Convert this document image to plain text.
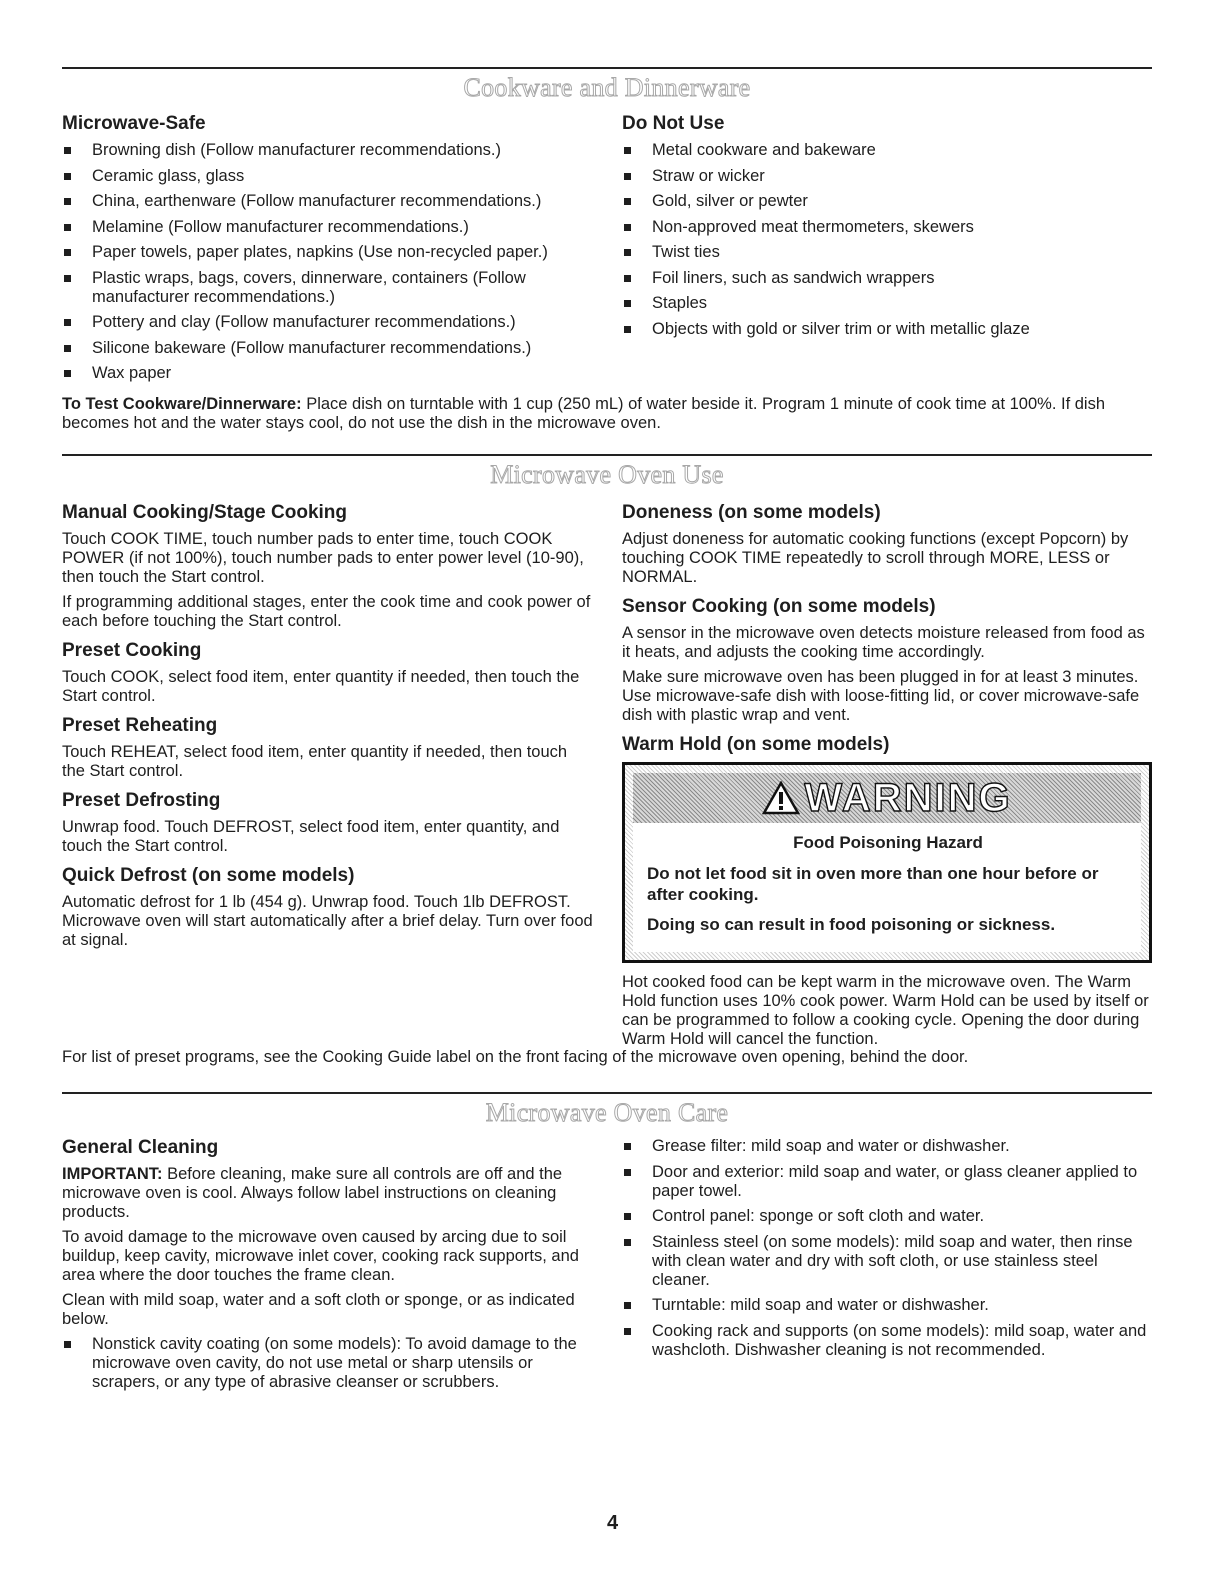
Cookware and Dinnerware
Microwave-Safe
Browning dish (Follow manufacturer recommendations.)
Ceramic glass, glass
China, earthenware (Follow manufacturer recommendations.)
Melamine (Follow manufacturer recommendations.)
Paper towels, paper plates, napkins (Use non-recycled paper.)
Plastic wraps, bags, covers, dinnerware, containers (Follow manufacturer recommendations.)
Pottery and clay (Follow manufacturer recommendations.)
Silicone bakeware (Follow manufacturer recommendations.)
Wax paper
Do Not Use
Metal cookware and bakeware
Straw or wicker
Gold, silver or pewter
Non-approved meat thermometers, skewers
Twist ties
Foil liners, such as sandwich wrappers
Staples
Objects with gold or silver trim or with metallic glaze

To Test Cookware/Dinnerware: Place dish on turntable with 1 cup (250 mL) of water beside it. Program 1 minute of cook time at 100%. If dish becomes hot and the water stays cool, do not use the dish in the microwave oven.

Microwave Oven Use
Manual Cooking/Stage Cooking

Touch COOK TIME, touch number pads to enter time, touch COOK POWER (if not 100%), touch number pads to enter power level (10-90), then touch the Start control.

If programming additional stages, enter the cook time and cook power of each before touching the Start control.

Preset Cooking

Touch COOK, select food item, enter quantity if needed, then touch the Start control.

Preset Reheating

Touch REHEAT, select food item, enter quantity if needed, then touch the Start control.

Preset Defrosting

Unwrap food. Touch DEFROST, select food item, enter quantity, and touch the Start control.

Quick Defrost (on some models)

Automatic defrost for 1 lb (454 g). Unwrap food. Touch 1lb DEFROST. Microwave oven will start automatically after a brief delay. Turn over food at signal.

Doneness (on some models)

Adjust doneness for automatic cooking functions (except Popcorn) by touching COOK TIME repeatedly to scroll through MORE, LESS or NORMAL.

Sensor Cooking (on some models)

A sensor in the microwave oven detects moisture released from food as it heats, and adjusts the cooking time accordingly.

Make sure microwave oven has been plugged in for at least 3 minutes. Use microwave-safe dish with loose-fitting lid, or cover microwave-safe dish with plastic wrap and vent.

Warm Hold (on some models)
WARNING
Food Poisoning Hazard

Do not let food sit in oven more than one hour before or after cooking.

Doing so can result in food poisoning or sickness.

Hot cooked food can be kept warm in the microwave oven. The Warm Hold function uses 10% cook power. Warm Hold can be used by itself or can be programmed to follow a cooking cycle. Opening the door during Warm Hold will cancel the function.

For list of preset programs, see the Cooking Guide label on the front facing of the microwave oven opening, behind the door.

Microwave Oven Care
General Cleaning

IMPORTANT: Before cleaning, make sure all controls are off and the microwave oven is cool. Always follow label instructions on cleaning products.

To avoid damage to the microwave oven caused by arcing due to soil buildup, keep cavity, microwave inlet cover, cooking rack supports, and area where the door touches the frame clean.

Clean with mild soap, water and a soft cloth or sponge, or as indicated below.

Nonstick cavity coating (on some models): To avoid damage to the microwave oven cavity, do not use metal or sharp utensils or scrapers, or any type of abrasive cleanser or scrubbers.
Grease filter: mild soap and water or dishwasher.
Door and exterior: mild soap and water, or glass cleaner applied to paper towel.
Control panel: sponge or soft cloth and water.
Stainless steel (on some models): mild soap and water, then rinse with clean water and dry with soft cloth, or use stainless steel cleaner.
Turntable: mild soap and water or dishwasher.
Cooking rack and supports (on some models): mild soap, water and washcloth. Dishwasher cleaning is not recommended.
4
